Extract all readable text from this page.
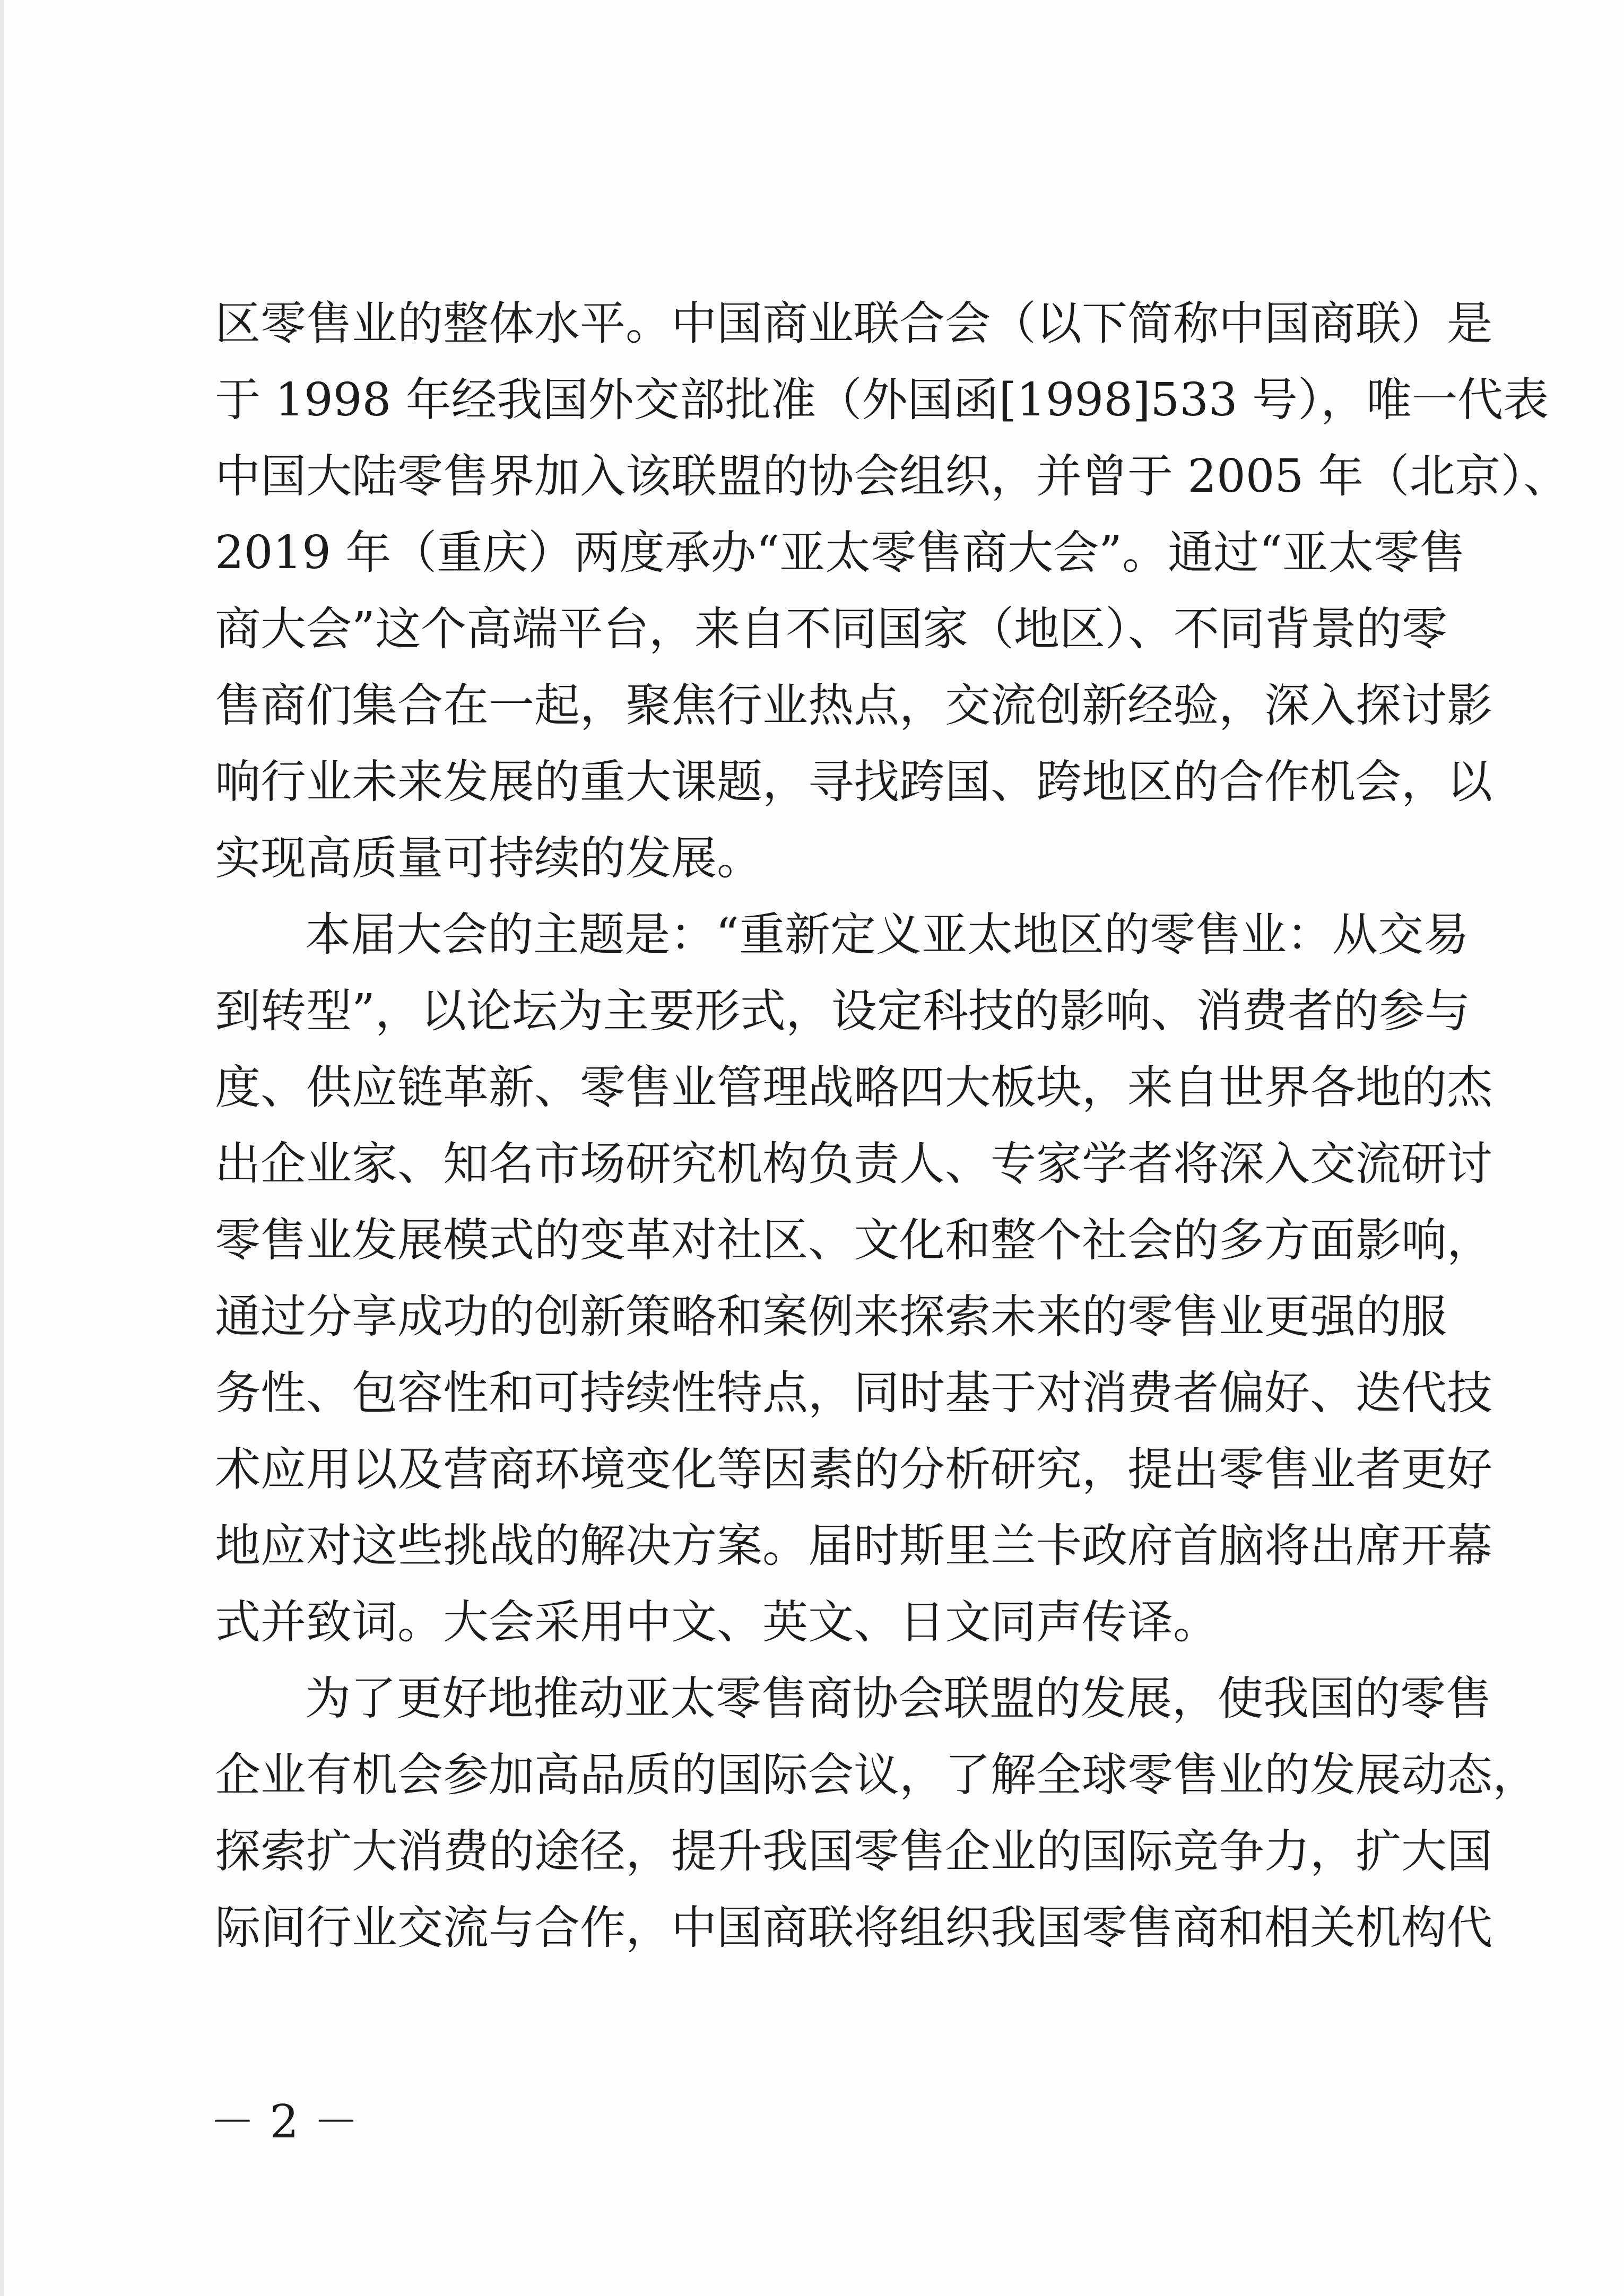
区零售业的整体水平。中国商业联合会（以下简称中国商联）是
于 1998 年经我国外交部批准（外国函[1998]533 号），唯一代表
中国大陆零售界加入该联盟的协会组织，并曾于 2005 年（北京）、
2019 年（重庆）两度承办“亚太零售商大会”。通过“亚太零售
商大会”这个高端平台，来自不同国家（地区）、不同背景的零
售商们集合在一起，聚焦行业热点，交流创新经验，深入探讨影
响行业未来发展的重大课题，寻找跨国、跨地区的合作机会，以
实现高质量可持续的发展。
本届大会的主题是：“重新定义亚太地区的零售业：从交易
到转型”，以论坛为主要形式，设定科技的影响、消费者的参与
度、供应链革新、零售业管理战略四大板块，来自世界各地的杰
出企业家、知名市场研究机构负责人、专家学者将深入交流研讨
零售业发展模式的变革对社区、文化和整个社会的多方面影响，
通过分享成功的创新策略和案例来探索未来的零售业更强的服
务性、包容性和可持续性特点，同时基于对消费者偏好、迭代技
术应用以及营商环境变化等因素的分析研究，提出零售业者更好
地应对这些挑战的解决方案。届时斯里兰卡政府首脑将出席开幕
式并致词。大会采用中文、英文、日文同声传译。
为了更好地推动亚太零售商协会联盟的发展，使我国的零售
企业有机会参加高品质的国际会议，了解全球零售业的发展动态，
探索扩大消费的途径，提升我国零售企业的国际竞争力，扩大国
际间行业交流与合作，中国商联将组织我国零售商和相关机构代
－ 2 －
